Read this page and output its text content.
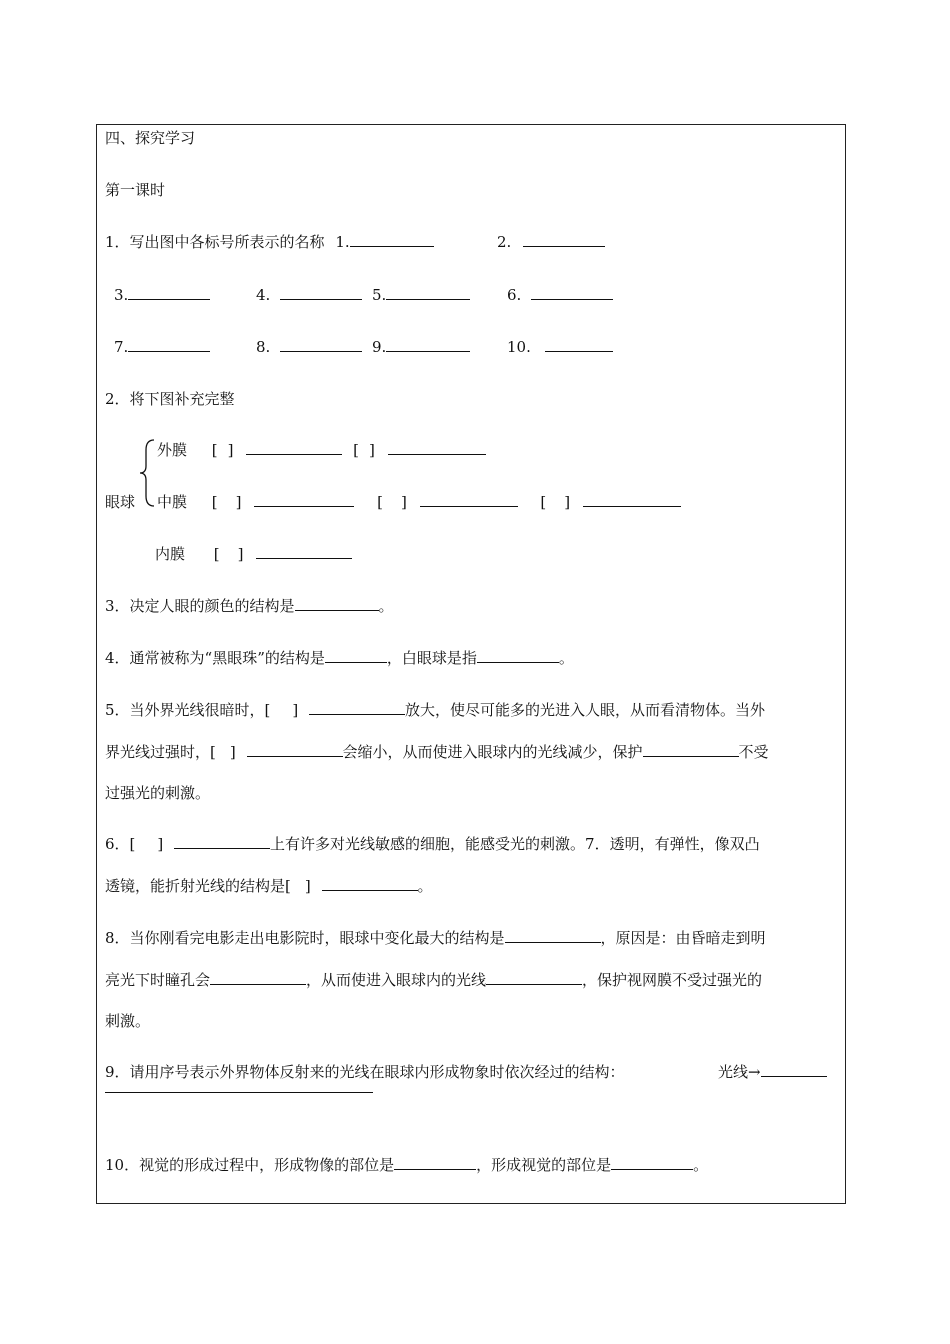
四、探究学习
第一课时
1．写出图中各标号所表示的名称 1.	2.
3.	4.	5.	6.
7.	8.	9.	10.
2．将下图补充完整
外膜 [ ]	[ ]
眼球 中膜 [ ]	[ ]	[ ]
内膜 [ ]
3．决定人眼的颜色的结构是	。
4．通常被称为“黑眼珠”的结构是	，白眼球是指	。
5．当外界光线很暗时，[ ]	放大，使尽可能多的光进入人眼，从而看清物体。当外
界光线过强时，[ ]	会缩小，从而使进入眼球内的光线减少，保护	不受
过强光的刺激。
6．[ ]	上有许多对光线敏感的细胞，能感受光的刺激。7．透明，有弹性，像双凸
透镜，能折射光线的结构是[ ]	。
8．当你刚看完电影走出电影院时，眼球中变化最大的结构是	，原因是：由昏暗走到明
亮光下时瞳孔会	，从而使进入眼球内的光线	，保护视网膜不受过强光的
刺激。
9．请用序号表示外界物体反射来的光线在眼球内形成物象时依次经过的结构：	光线→
10．视觉的形成过程中，形成物像的部位是	，形成视觉的部位是	。
